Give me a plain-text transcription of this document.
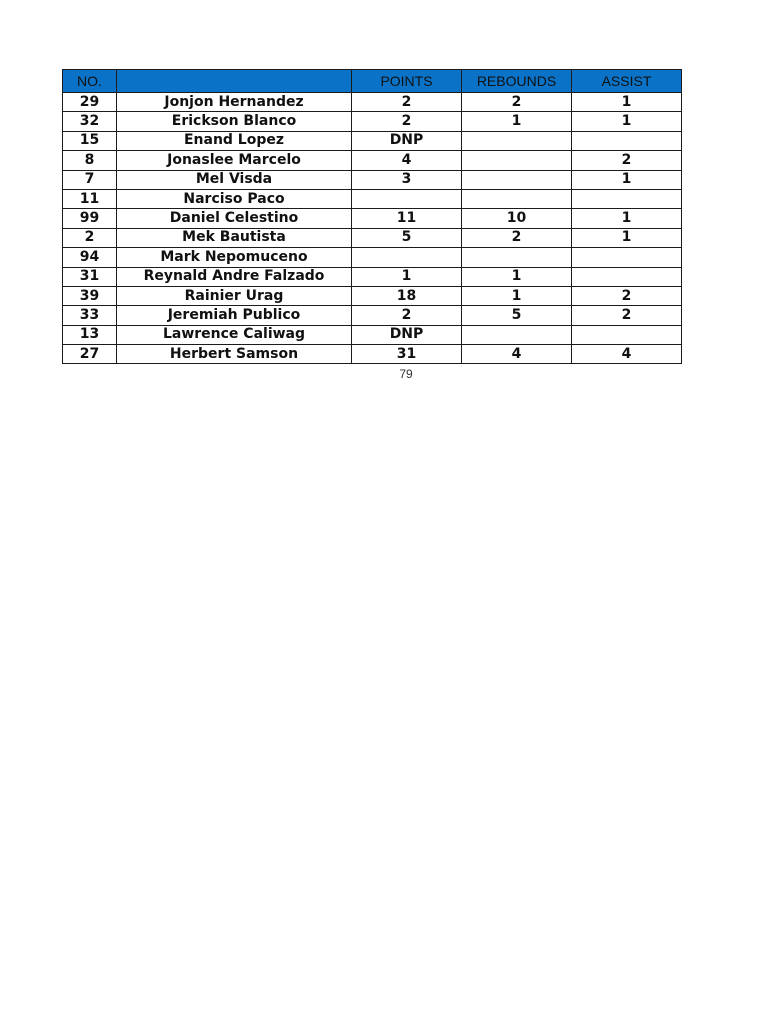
NO.		POINTS	REBOUNDS	ASSIST
29	Jonjon Hernandez	2	2	1
32	Erickson Blanco	2	1	1
15	Enand Lopez	DNP		
8	Jonaslee Marcelo	4		2
7	Mel Visda	3		1
11	Narciso Paco			
99	Daniel Celestino	11	10	1
2	Mek Bautista	5	2	1
94	Mark Nepomuceno			
31	Reynald Andre Falzado	1	1	
39	Rainier Urag	18	1	2
33	Jeremiah Publico	2	5	2
13	Lawrence Caliwag	DNP		
27	Herbert Samson	31	4	4
79
